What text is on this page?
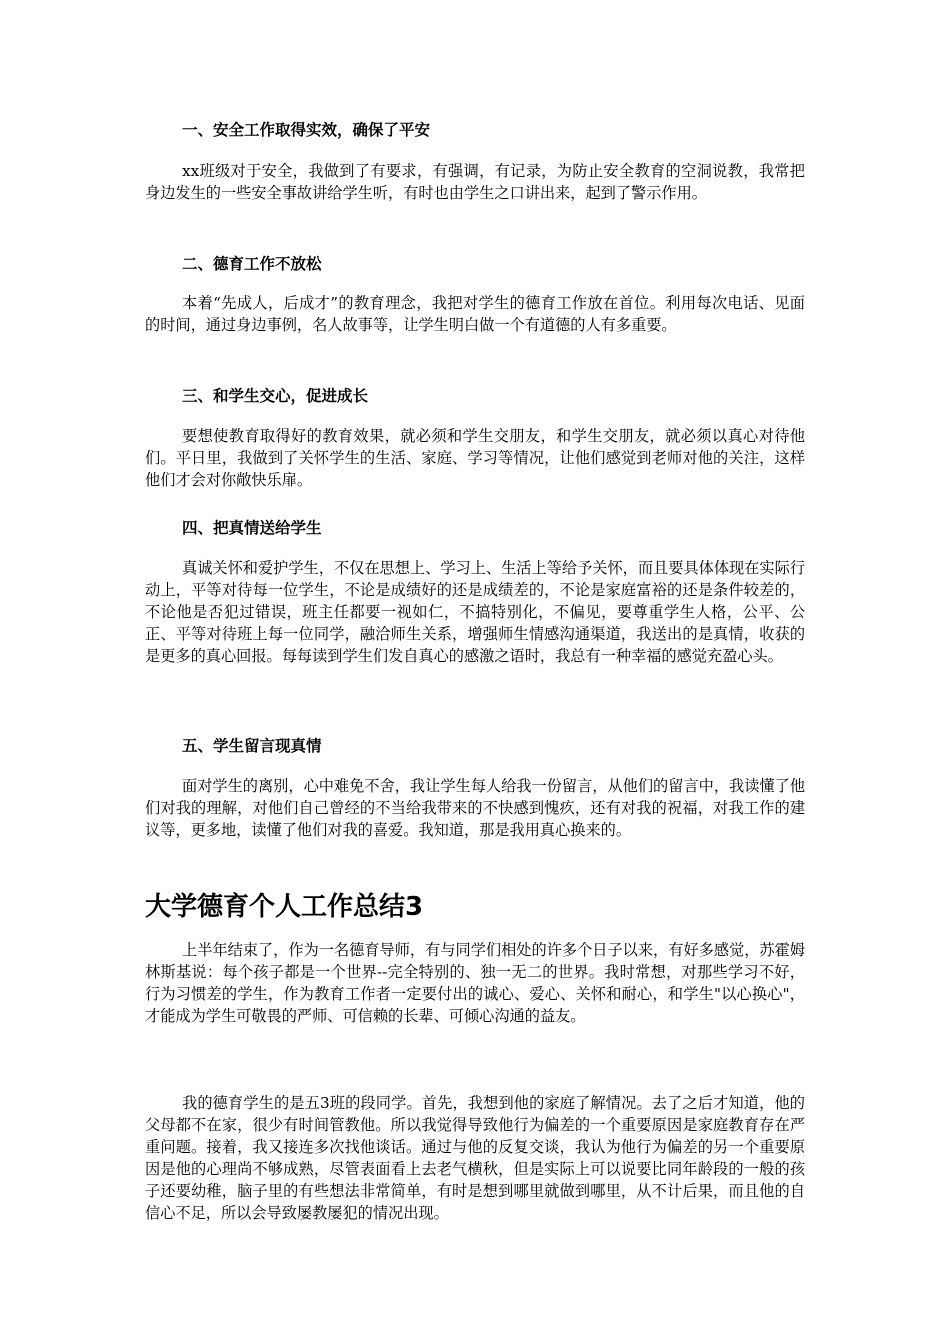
一、安全工作取得实效，确保了平安

xx班级对于安全，我做到了有要求，有强调，有记录，为防止安全教育的空洞说教，我常把身边发生的一些安全事故讲给学生听，有时也由学生之口讲出来，起到了警示作用。

二、德育工作不放松

本着“先成人，后成才”的教育理念，我把对学生的德育工作放在首位。利用每次电话、见面的时间，通过身边事例，名人故事等，让学生明白做一个有道德的人有多重要。

三、和学生交心，促进成长

要想使教育取得好的教育效果，就必须和学生交朋友，和学生交朋友，就必须以真心对待他们。平日里，我做到了关怀学生的生活、家庭、学习等情况，让他们感觉到老师对他的关注，这样他们才会对你敞快乐扉。

四、把真情送给学生

真诚关怀和爱护学生，不仅在思想上、学习上、生活上等给予关怀，而且要具体体现在实际行动上，平等对待每一位学生，不论是成绩好的还是成绩差的，不论是家庭富裕的还是条件较差的，不论他是否犯过错误，班主任都要一视如仁，不搞特别化，不偏见，要尊重学生人格，公平、公正、平等对待班上每一位同学，融洽师生关系，增强师生情感沟通渠道，我送出的是真情，收获的是更多的真心回报。每每读到学生们发自真心的感激之语时，我总有一种幸福的感觉充盈心头。

五、学生留言现真情

面对学生的离别，心中难免不舍，我让学生每人给我一份留言，从他们的留言中，我读懂了他们对我的理解，对他们自己曾经的不当给我带来的不快感到愧疚，还有对我的祝福，对我工作的建议等，更多地，读懂了他们对我的喜爱。我知道，那是我用真心换来的。

大学德育个人工作总结3

上半年结束了，作为一名德育导师，有与同学们相处的许多个日子以来，有好多感觉，苏霍姆林斯基说：每个孩子都是一个世界--完全特别的、独一无二的世界。我时常想，对那些学习不好，行为习惯差的学生，作为教育工作者一定要付出的诚心、爱心、关怀和耐心，和学生"以心换心"，才能成为学生可敬畏的严师、可信赖的长辈、可倾心沟通的益友。

我的德育学生的是五3班的段同学。首先，我想到他的家庭了解情况。去了之后才知道，他的父母都不在家，很少有时间管教他。所以我觉得导致他行为偏差的一个重要原因是家庭教育存在严重问题。接着，我又接连多次找他谈话。通过与他的反复交谈，我认为他行为偏差的另一个重要原因是他的心理尚不够成熟，尽管表面看上去老气横秋，但是实际上可以说要比同年龄段的一般的孩子还要幼稚，脑子里的有些想法非常简单，有时是想到哪里就做到哪里，从不计后果，而且他的自信心不足，所以会导致屡教屡犯的情况出现。
